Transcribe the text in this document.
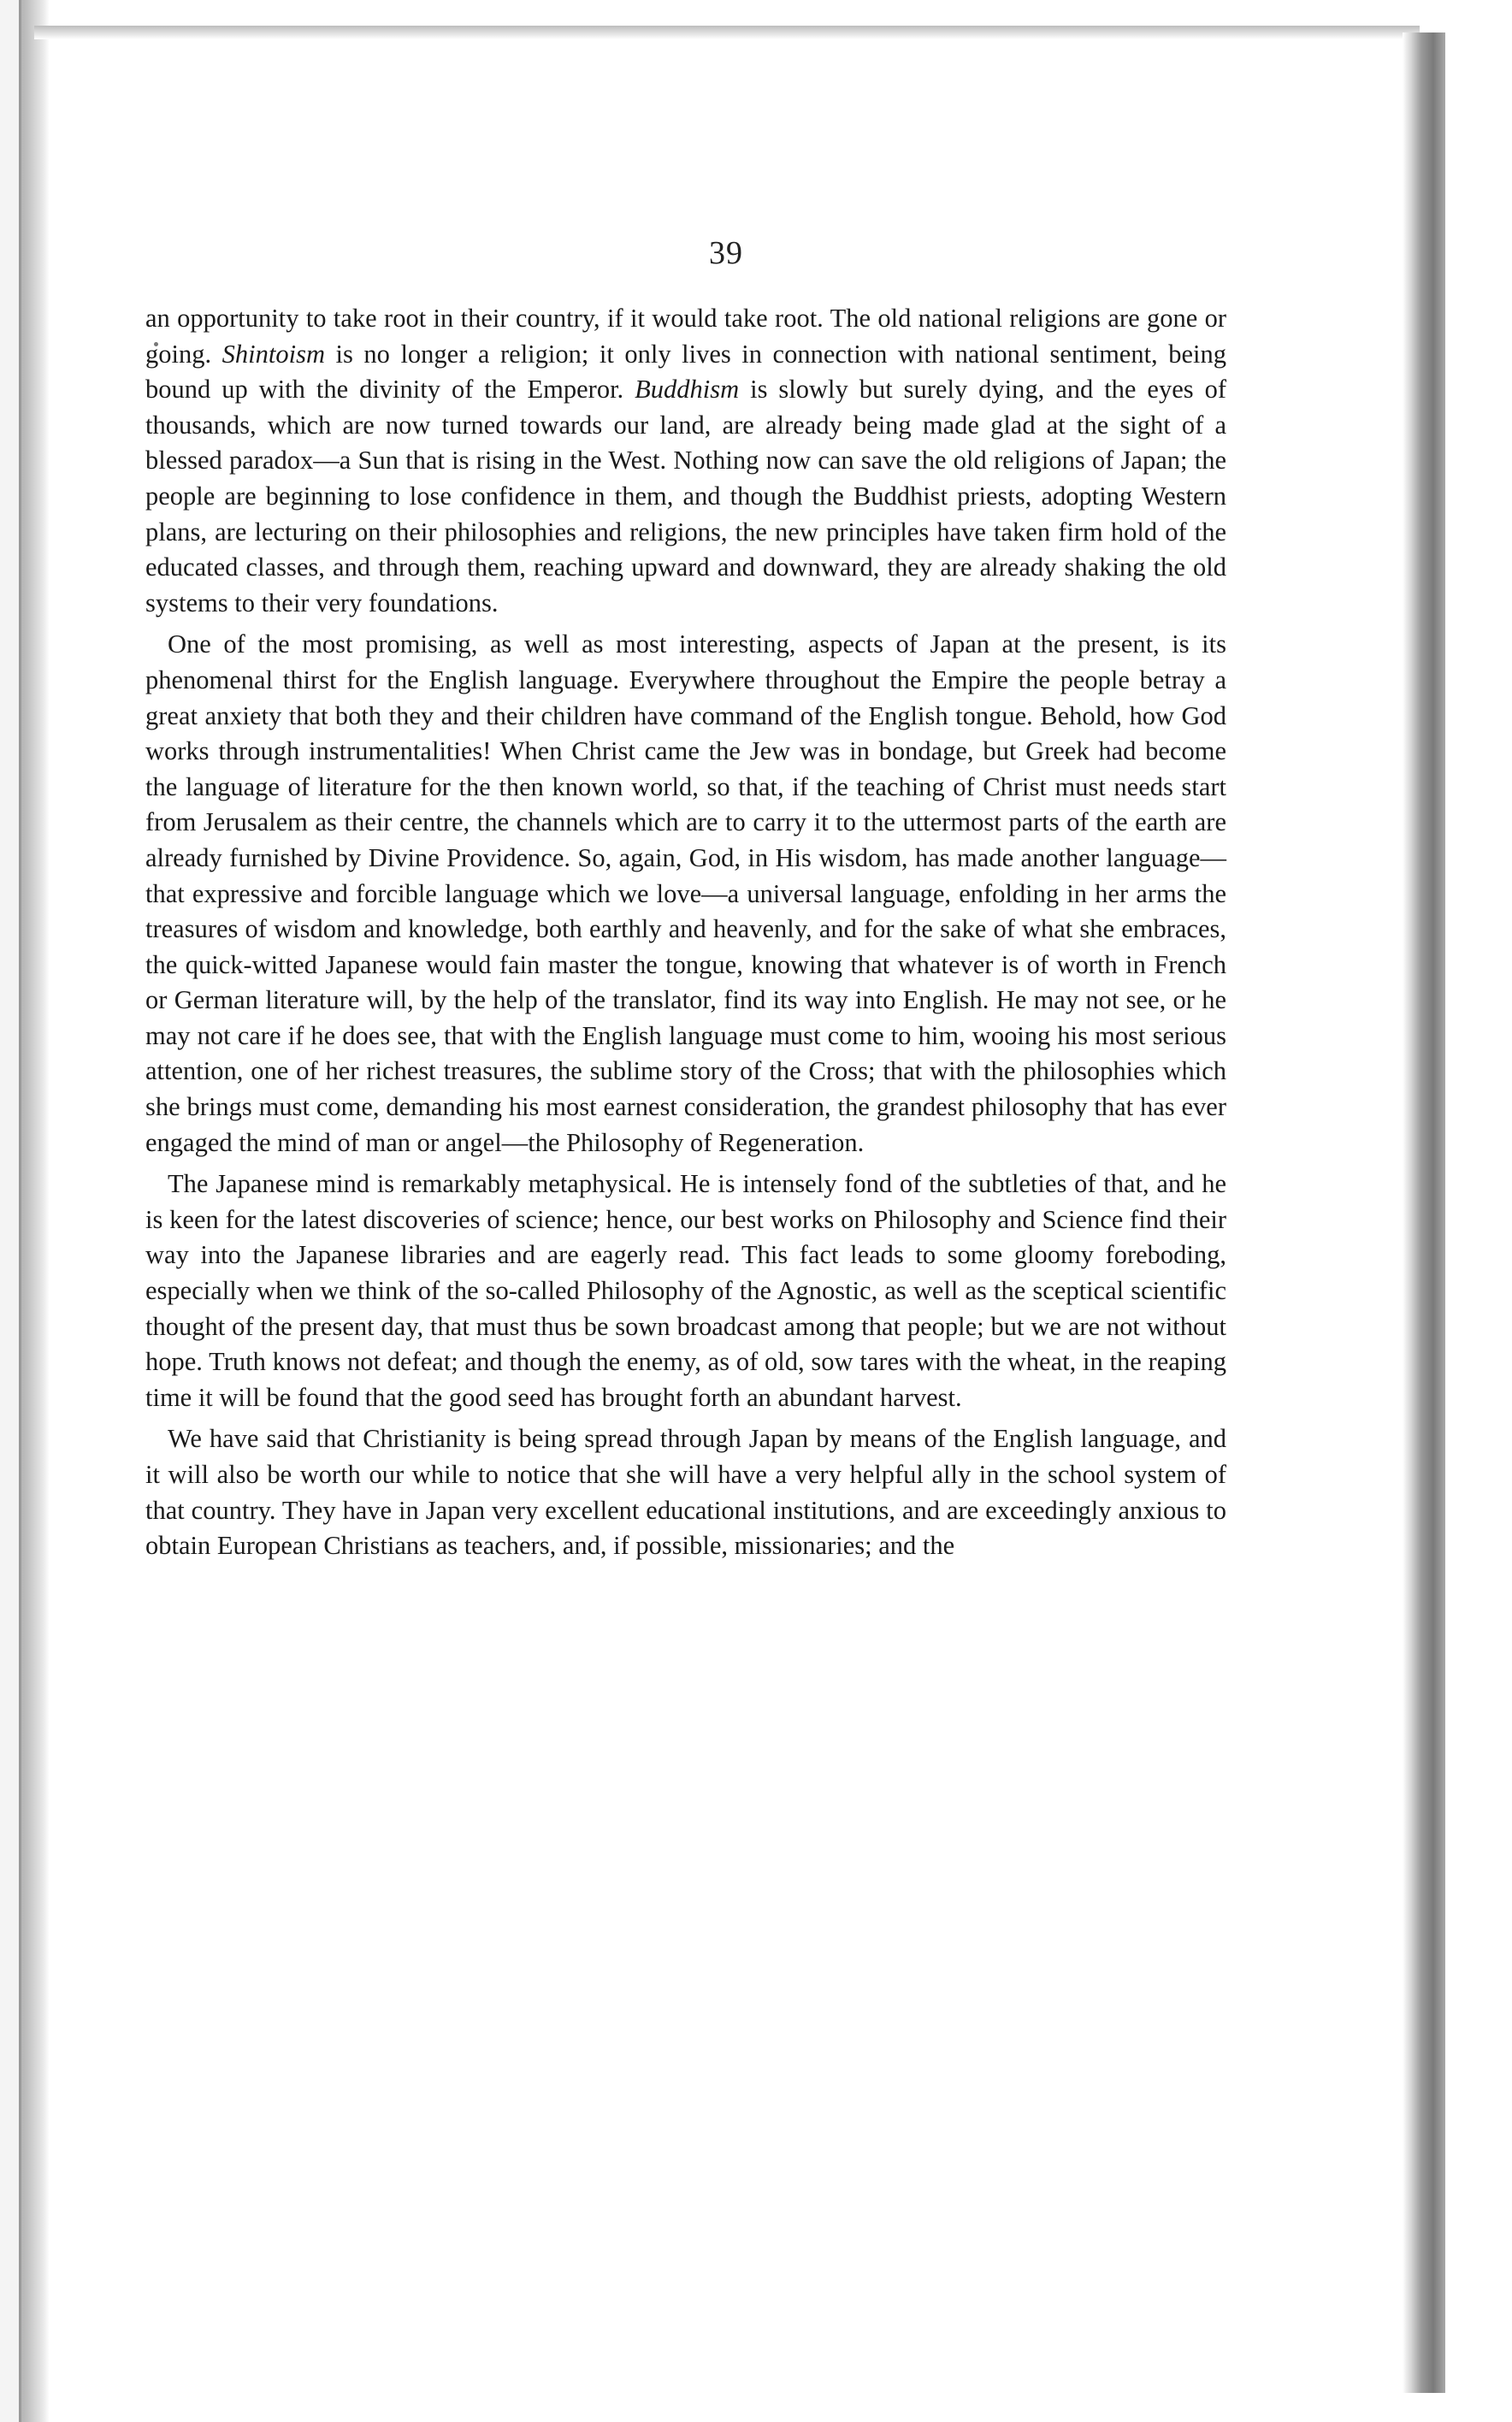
39

an opportunity to take root in their country, if it would take root. The old national religions are gone or going. Shintoism is no longer a religion; it only lives in connection with national sentiment, being bound up with the divinity of the Emperor. Buddhism is slowly but surely dying, and the eyes of thousands, which are now turned towards our land, are already being made glad at the sight of a blessed paradox—a Sun that is rising in the West. Nothing now can save the old religions of Japan; the people are beginning to lose confidence in them, and though the Buddhist priests, adopting Western plans, are lecturing on their philosophies and religions, the new principles have taken firm hold of the educated classes, and through them, reaching upward and downward, they are already shaking the old systems to their very foundations.

One of the most promising, as well as most interesting, aspects of Japan at the present, is its phenomenal thirst for the English language. Everywhere throughout the Empire the people betray a great anxiety that both they and their children have command of the English tongue. Behold, how God works through instrumentalities! When Christ came the Jew was in bondage, but Greek had become the language of literature for the then known world, so that, if the teaching of Christ must needs start from Jerusalem as their centre, the channels which are to carry it to the uttermost parts of the earth are already furnished by Divine Providence. So, again, God, in His wisdom, has made another language—that expressive and forcible language which we love—a universal language, enfolding in her arms the treasures of wisdom and knowledge, both earthly and heavenly, and for the sake of what she embraces, the quick-witted Japanese would fain master the tongue, knowing that whatever is of worth in French or German literature will, by the help of the translator, find its way into English. He may not see, or he may not care if he does see, that with the English language must come to him, wooing his most serious attention, one of her richest treasures, the sublime story of the Cross; that with the philosophies which she brings must come, demanding his most earnest consideration, the grandest philosophy that has ever engaged the mind of man or angel—the Philosophy of Regeneration.

The Japanese mind is remarkably metaphysical. He is intensely fond of the subtleties of that, and he is keen for the latest discoveries of science; hence, our best works on Philosophy and Science find their way into the Japanese libraries and are eagerly read. This fact leads to some gloomy foreboding, especially when we think of the so-called Philosophy of the Agnostic, as well as the sceptical scientific thought of the present day, that must thus be sown broadcast among that people; but we are not without hope. Truth knows not defeat; and though the enemy, as of old, sow tares with the wheat, in the reaping time it will be found that the good seed has brought forth an abundant harvest.

We have said that Christianity is being spread through Japan by means of the English language, and it will also be worth our while to notice that she will have a very helpful ally in the school system of that country. They have in Japan very excellent educational institutions, and are exceedingly anxious to obtain European Christians as teachers, and, if possible, missionaries; and the
